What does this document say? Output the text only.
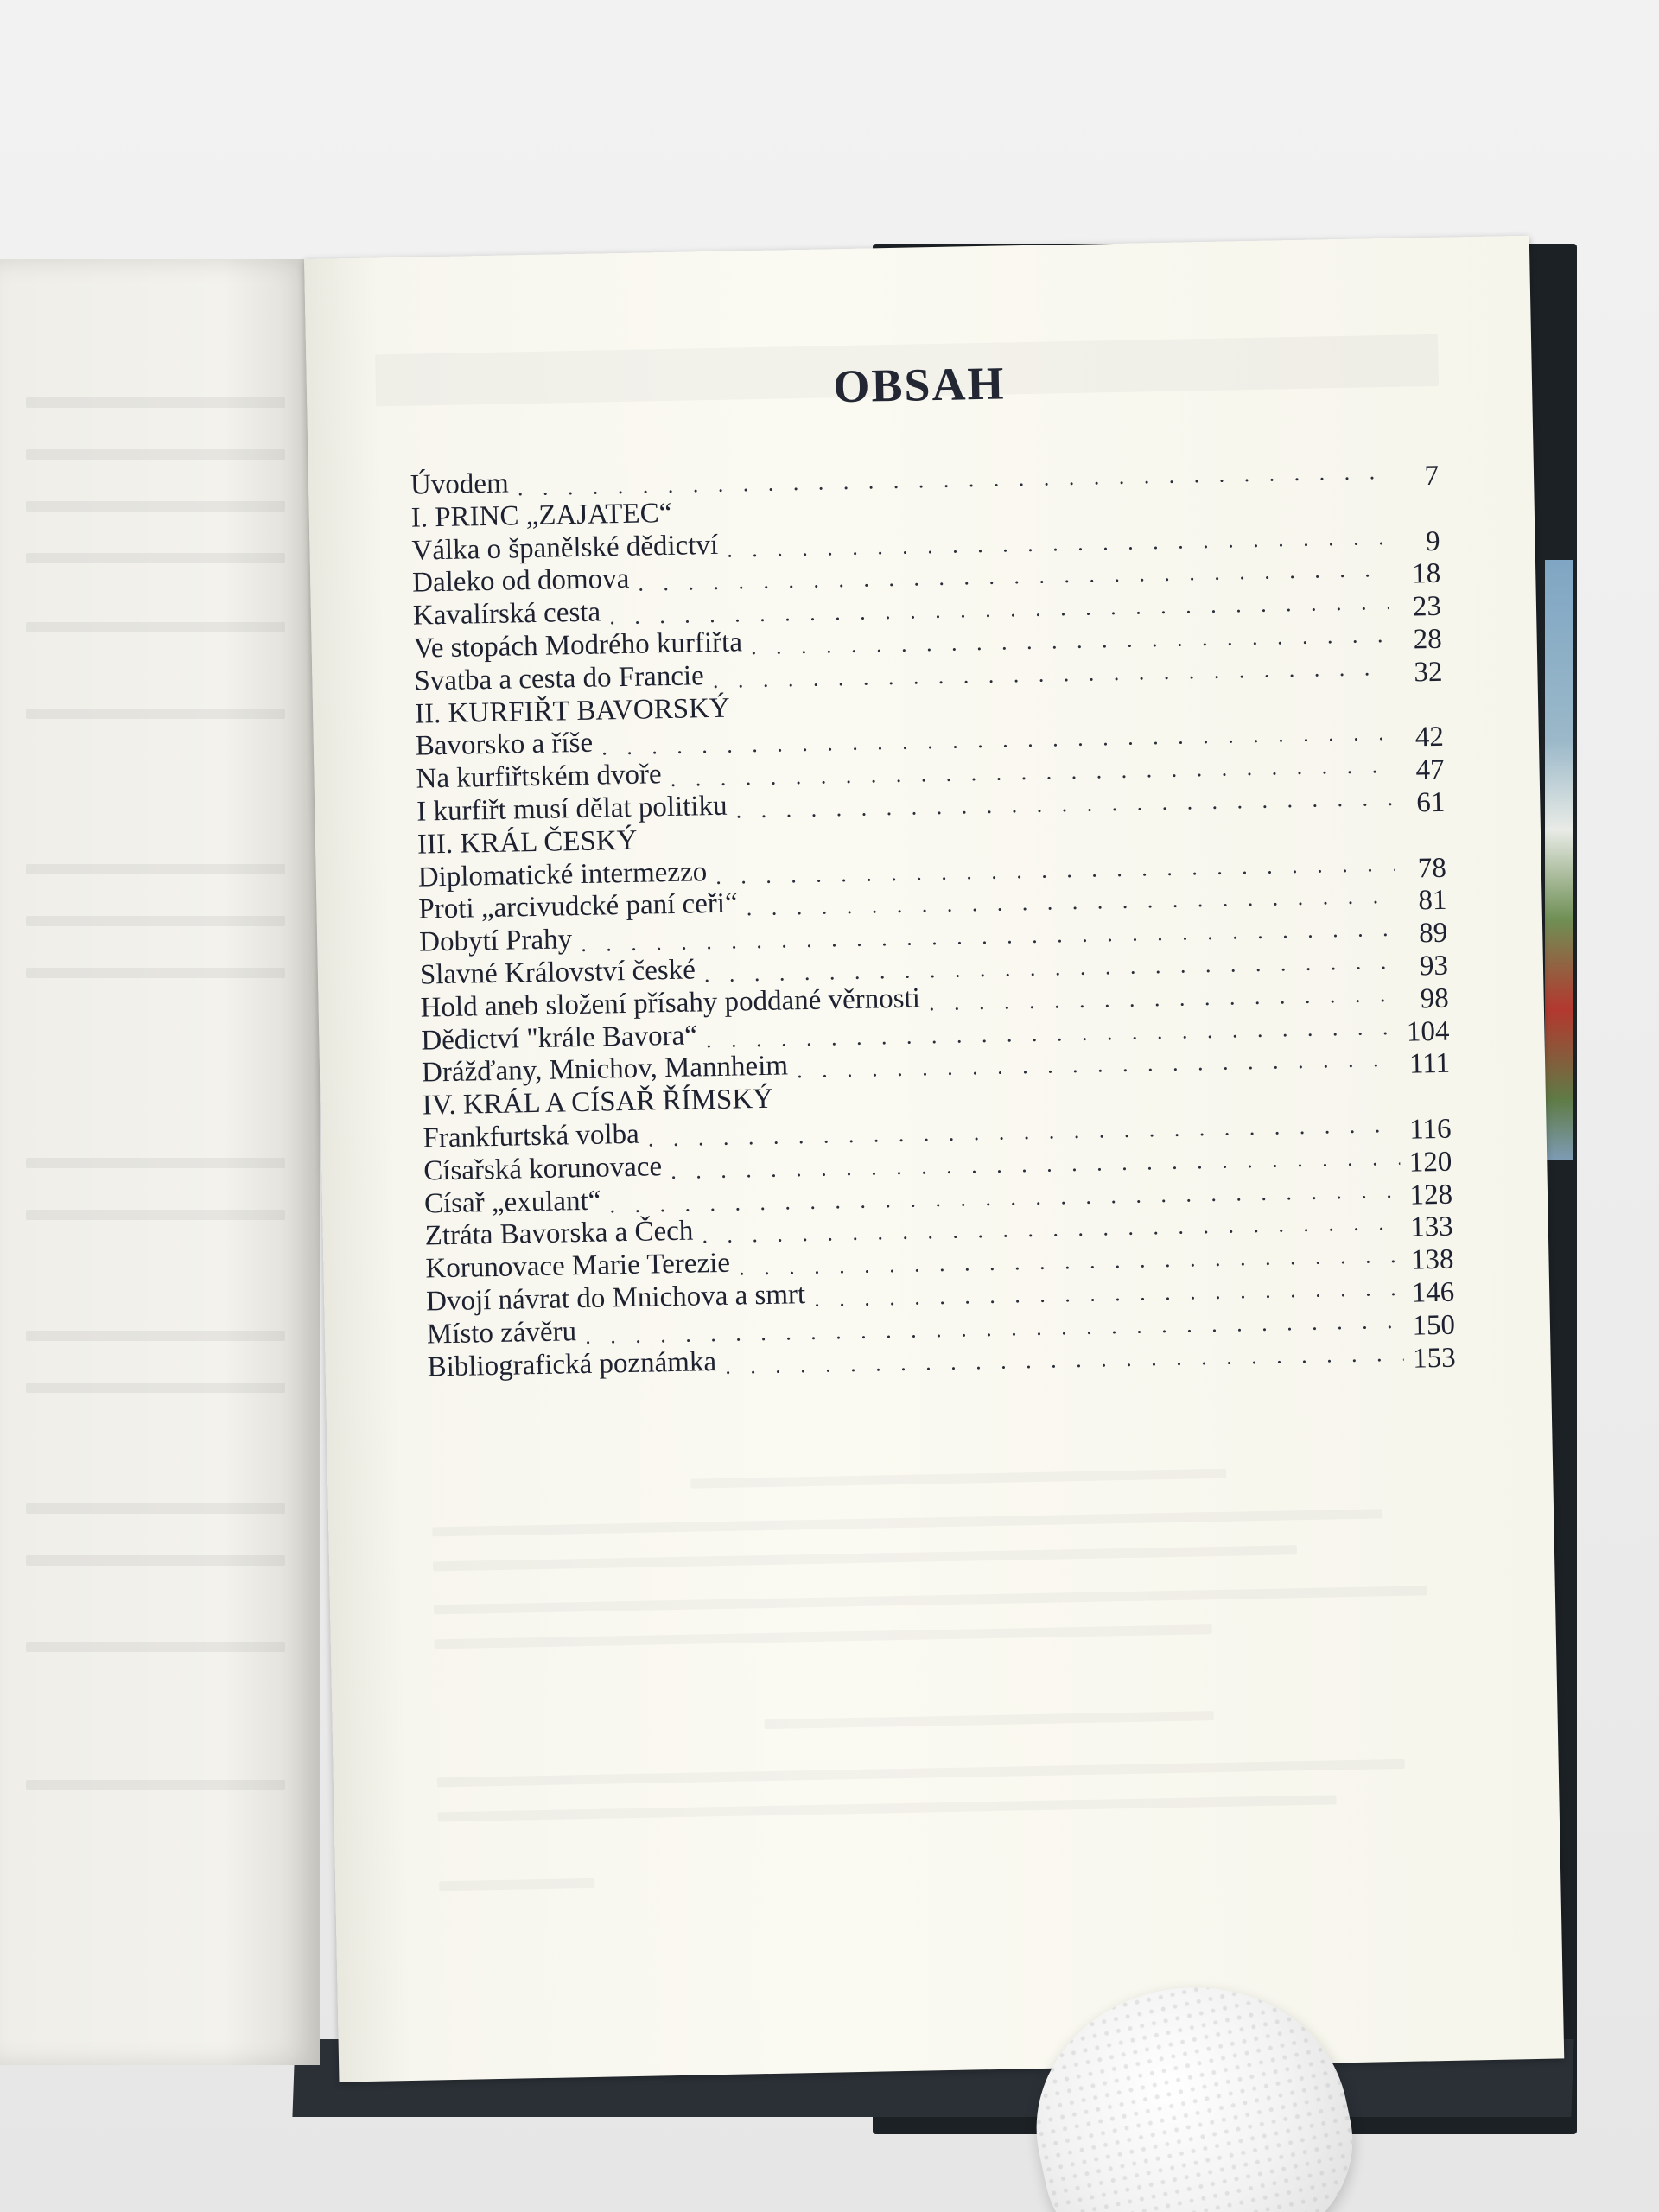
OBSAH
Úvodem . . .	7
I. PRINC „ZAJATEC“
Válka o španělské dědictví . . .	9
Daleko od domova . . .	18
Kavalírská cesta . . .	23
Ve stopách Modrého kurfiřta . . .	28
Svatba a cesta do Francie . . .	32
II. KURFIŘT BAVORSKÝ
Bavorsko a říše . . .	42
Na kurfiřtském dvoře . . .	47
I kurfiřt musí dělat politiku . . .	61
III. KRÁL ČESKÝ
Diplomatické intermezzo . . .	78
Proti „arcivudcké paní ceři“ . . .	81
Dobytí Prahy . . .	89
Slavné Království české . . .	93
Hold aneb složení přísahy poddané věrnosti . . .	98
Dědictví "krále Bavora“ . . .	104
Drážďany, Mnichov, Mannheim . . .	111
IV. KRÁL A CÍSAŘ ŘÍMSKÝ
Frankfurtská volba . . .	116
Císařská korunovace . . .	120
Císař „exulant“ . . .	128
Ztráta Bavorska a Čech . . .	133
Korunovace Marie Terezie . . .	138
Dvojí návrat do Mnichova a smrt . . .	146
Místo závěru . . .	150
Bibliografická poznámka . . .	153
